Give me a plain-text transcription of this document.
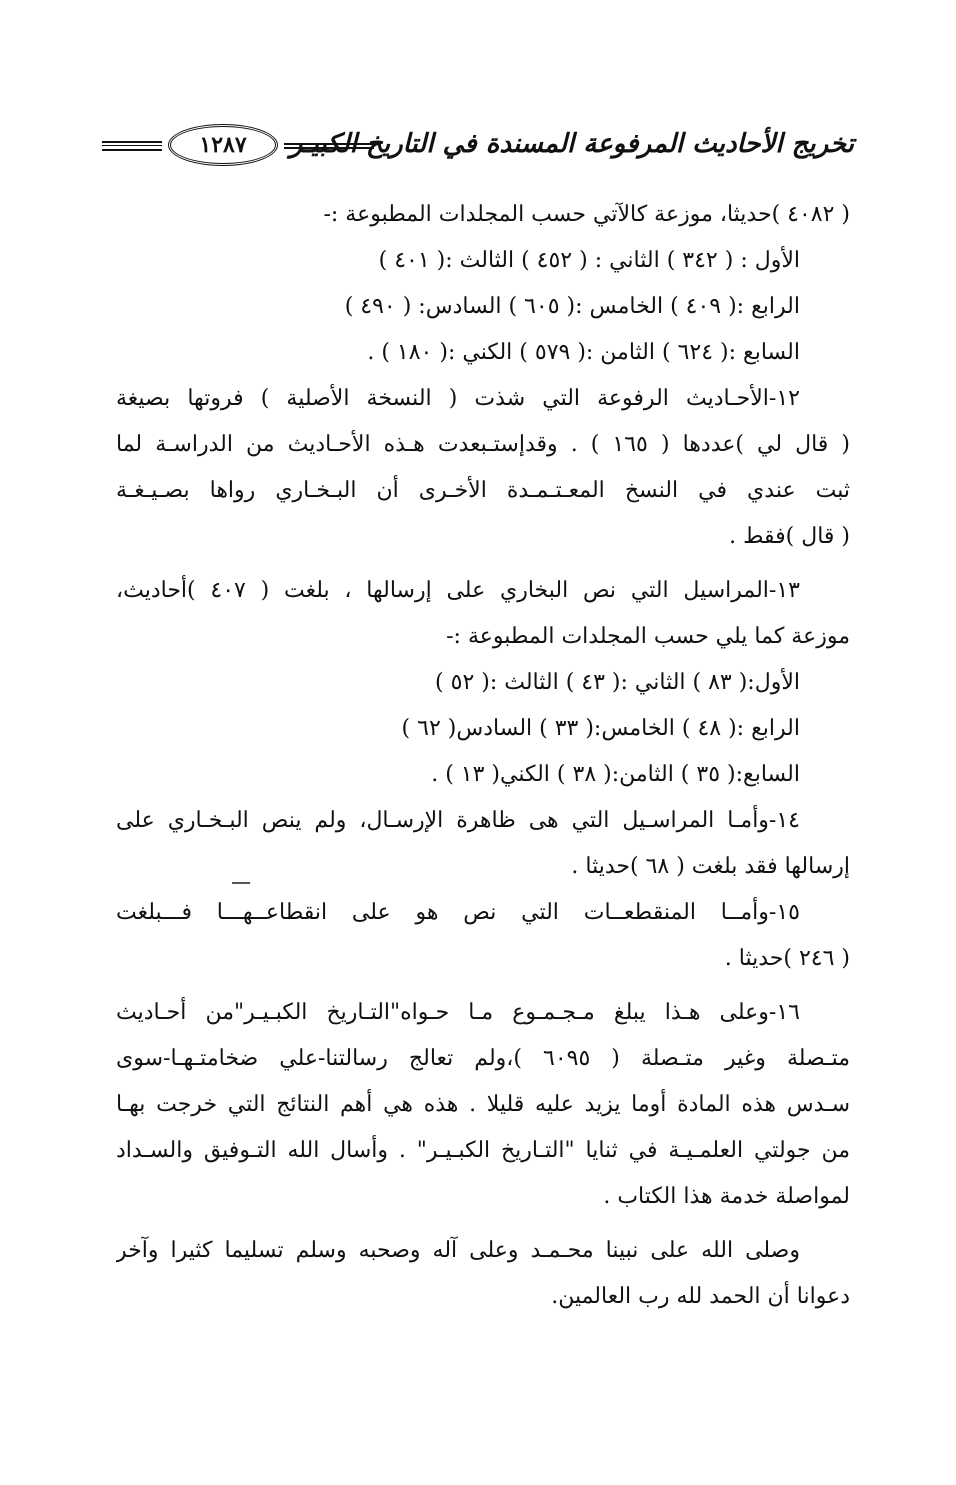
تخريج الأحاديث المرفوعة المسندة في التاريخ الكبيـر
١٢٨٧
( ٤٠٨٢ )حديثا، موزعة كالآتي حسب المجلدات المطبوعة :-
الأول : ( ٣٤٢ ) الثاني : ( ٤٥٢ ) الثالث :( ٤٠١ )
الرابع :( ٤٠٩ ) الخامس :( ٦٠٥ ) السادس: ( ٤٩٠ )
السابع :( ٦٢٤ ) الثامن :( ٥٧٩ ) الكني :( ١٨٠ ) .
١٢-الأحـاديث الرفوعة التي شذت ( النسخة الأصلية ) فروتها بصيغة
( قال لي )عددها ( ١٦٥ ) . وقدإستـبعدت هـذه الأحـاديث من الدراسـة لما
ثبت عندي في النسخ المعـتـمـدة الأخـرى أن البـخـاري رواها بصـيـغـة
( قال )فقط .
١٣-المراسيل التي نص البخاري على إرسالها ، بلغت ( ٤٠٧ )أحاديث،
موزعة كما يلي حسب المجلدات المطبوعة :-
الأول:( ٨٣ ) الثاني :( ٤٣ ) الثالث :( ٥٢ )
الرابع :( ٤٨ ) الخامس:( ٣٣ ) السادس( ٦٢ )
السابع:( ٣٥ ) الثامن:( ٣٨ ) الكني( ١٣ ) .
١٤-وأمـا المراسـيل التي هى ظاهرة الإرسـال، ولم ينص البـخـاري على
إرسالها فقد بلغت ( ٦٨ )حديثا .
١٥-وأمــا المنقطعــات التي نص هو على انقطاعــهـــا فـــبلغت
( ٢٤٦ )حديثا .
١٦-وعلى هـذا يبلغ مـجـمـوع مـا حـواه"التـاريخ الكبـيـر"من أحـاديث
متـصلة وغير متـصلة ( ٦٠٩٥ )،ولم تعالج رسالتنا-علي ضخامتـهـا-سوى
سـدس هذه المادة أوما يزيد عليه قليلا . هذه هي أهم النتائج التي خرجت بهـا
من جولتي العلمـيـة في ثنايا "التـاريخ الكبـيـر" . وأسال الله التـوفيق والسـداد
لمواصلة خدمة هذا الكتاب .
وصلى الله على نبينا محـمـد وعلى آله وصحبه وسلم تسليما كثيرا وآخر
دعوانا أن الحمد لله رب العالمين.
